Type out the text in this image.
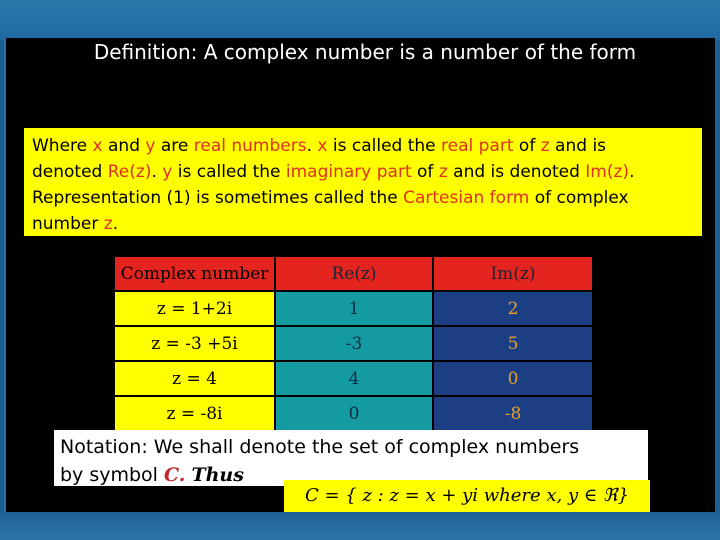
Definition: A complex number is a number of the form

Where x and y are real numbers. x is called the real part of z and is

denoted Re(z). y is called the imaginary part of z and is denoted Im(z).

Representation (1) is sometimes called the Cartesian form of complex

number z.

Complex number	Re(z)	Im(z)
z = 1+2i	1	2
z = -3 +5i	-3	5
z = 4	4	0
z = -8i	0	-8

Notation: We shall denote the set of complex numbers

by symbol C. Thus

C = { z : z = x + yi where x, y ∈ ℜ}
